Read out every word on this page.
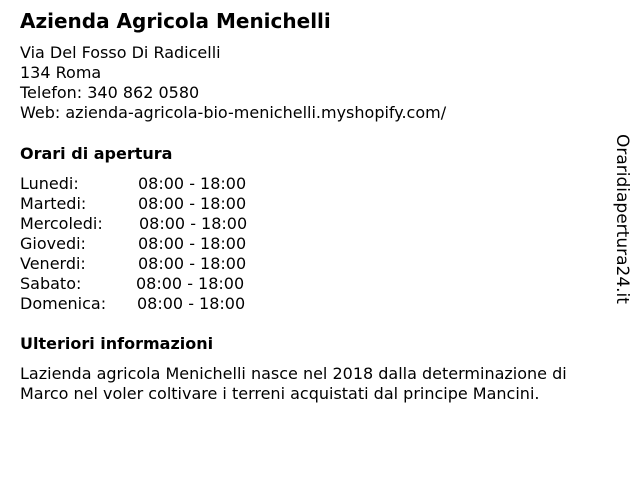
Azienda Agricola Menichelli
Via Del Fosso Di Radicelli
134 Roma
Telefon: 340 862 0580
Web: azienda-agricola-bio-menichelli.myshopify.com/
Orari di apertura
Lunedi:	08:00 - 18:00
Martedi:	08:00 - 18:00
Mercoledi: 08:00 - 18:00
Giovedi:	08:00 - 18:00
Venerdi:	08:00 - 18:00
Sabato:	08:00 - 18:00
Domenica: 08:00 - 18:00
Ulteriori informazioni
Lazienda agricola Menichelli nasce nel 2018 dalla determinazione di Marco nel voler coltivare i terreni acquistati dal principe Mancini.
Oraridiapertura24.it
